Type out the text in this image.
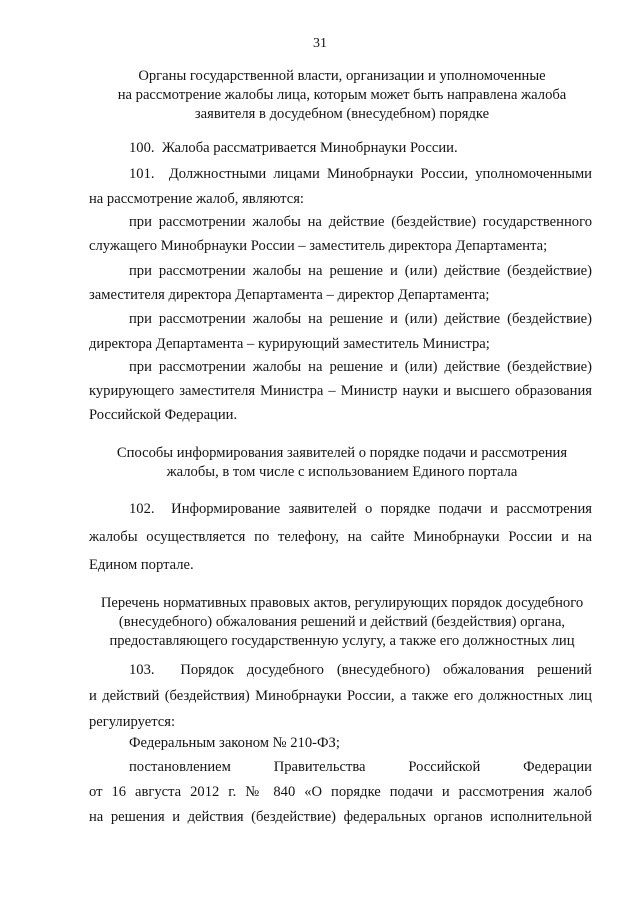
31
Органы государственной власти, организации и уполномоченные
на рассмотрение жалобы лица, которым может быть направлена жалоба
заявителя в досудебном (внесудебном) порядке
100.  Жалоба рассматривается Минобрнауки России.
101.  Должностными лицами Минобрнауки России, уполномоченными
на рассмотрение жалоб, являются:
при рассмотрении жалобы на действие (бездействие) государственного
служащего Минобрнауки России – заместитель директора Департамента;
при рассмотрении жалобы на решение и (или) действие (бездействие)
заместителя директора Департамента – директор Департамента;
при рассмотрении жалобы на решение и (или) действие (бездействие)
директора Департамента – курирующий заместитель Министра;
при рассмотрении жалобы на решение и (или) действие (бездействие)
курирующего заместителя Министра – Министр науки и высшего образования
Российской Федерации.
Способы информирования заявителей о порядке подачи и рассмотрения
жалобы, в том числе с использованием Единого портала
102.  Информирование заявителей о порядке подачи и рассмотрения
жалобы осуществляется по телефону, на сайте Минобрнауки России и на
Едином портале.
Перечень нормативных правовых актов, регулирующих порядок досудебного
(внесудебного) обжалования решений и действий (бездействия) органа,
предоставляющего государственную услугу, а также его должностных лиц
103.  Порядок досудебного (внесудебного) обжалования решений
и действий (бездействия) Минобрнауки России, а также его должностных лиц
регулируется:
Федеральным законом № 210-ФЗ;
постановлением Правительства Российской Федерации
от 16 августа 2012 г. № 840 «О порядке подачи и рассмотрения жалоб
на решения и действия (бездействие) федеральных органов исполнительной
